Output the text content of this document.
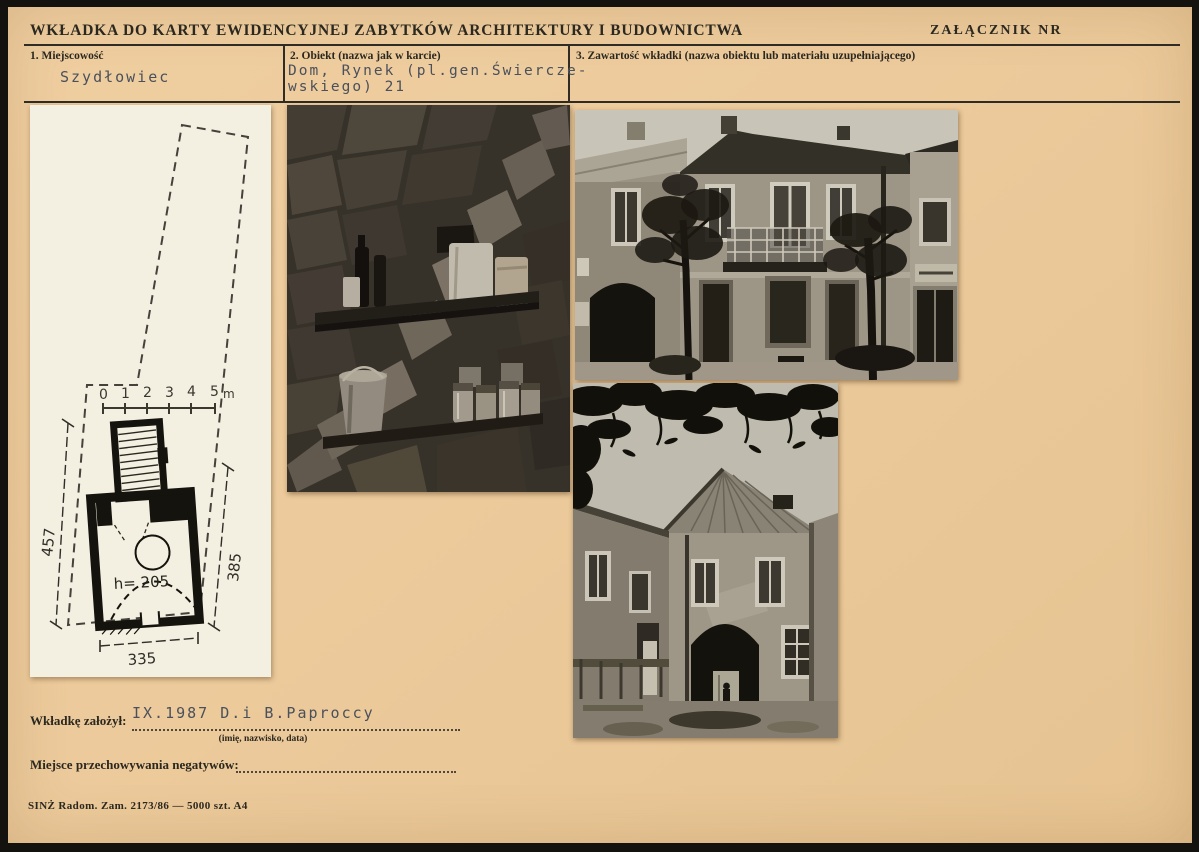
WKŁADKA DO KARTY EWIDENCYJNEJ ZABYTKÓW ARCHITEKTURY I BUDOWNICTWA	ZAŁĄCZNIK NR
1. Miejscowość
Szydłowiec
2. Obiekt (nazwa jak w karcie)
Dom, Rynek (pl.gen.Świercze-
wskiego) 21
3. Zawartość wkładki (nazwa obiektu lub materiału uzupełniającego)
0 1 2 3 4 5 m
457
385
335
h= 205
Wkładkę założył: IX.1987 D.i B.Paproccy
(imię, nazwisko, data)
Miejsce przechowywania negatywów:
SINŻ Radom. Zam. 2173/86 — 5000 szt. A4
